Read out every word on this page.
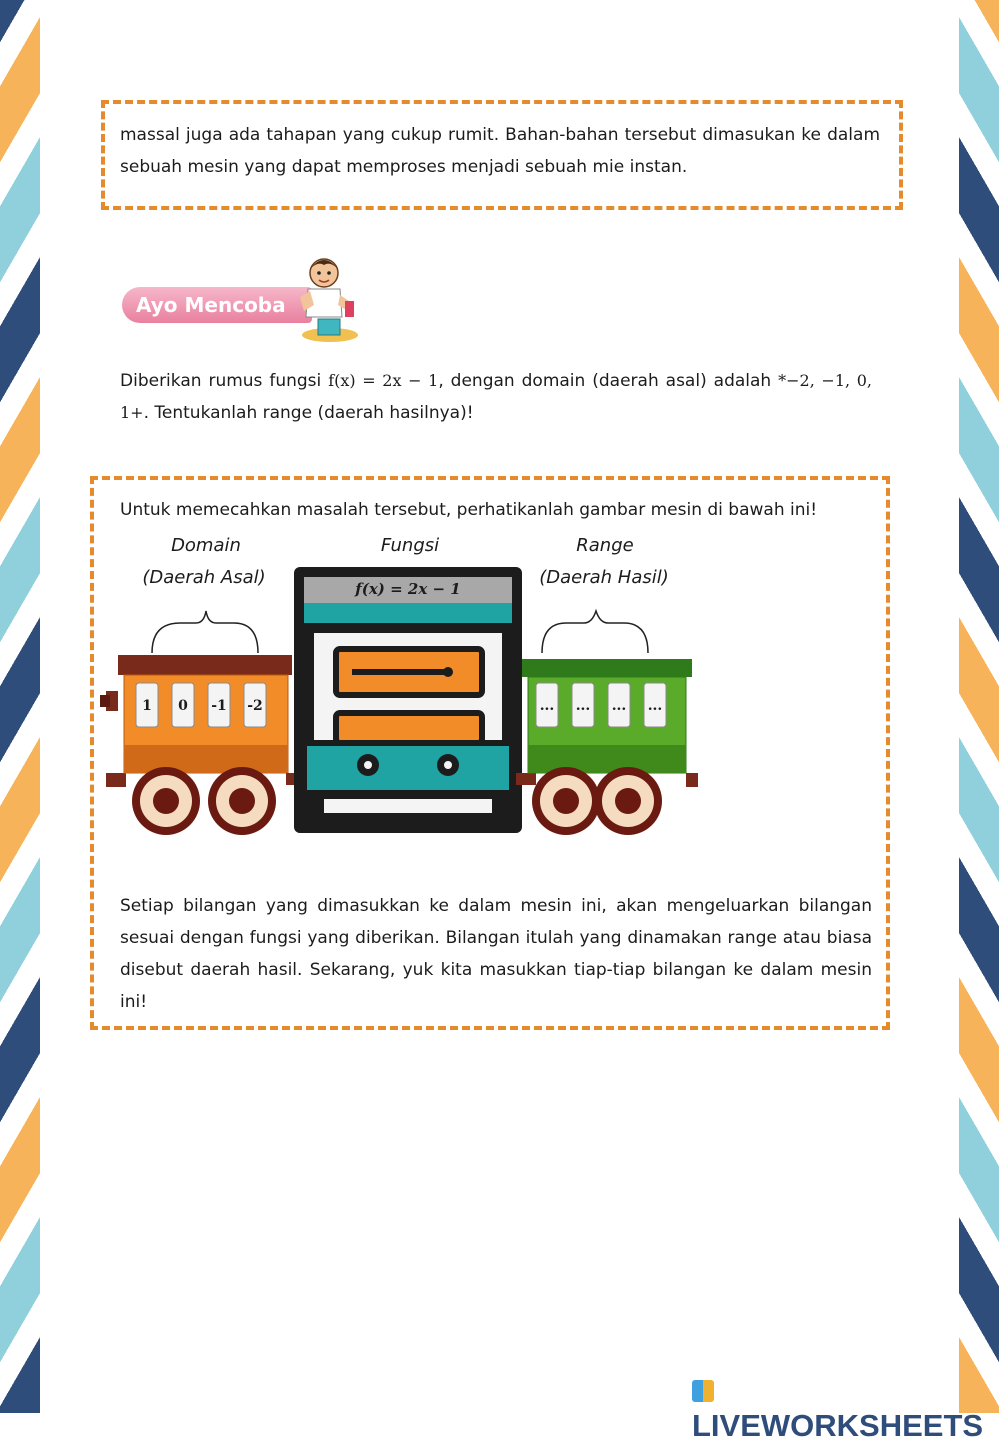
massal juga ada tahapan yang cukup rumit. Bahan-bahan tersebut dimasukan ke dalam sebuah mesin yang dapat memproses menjadi sebuah mie instan.

Ayo Mencoba

Diberikan rumus fungsi f(x) = 2x − 1, dengan domain (daerah asal) adalah *−2, −1, 0, 1+. Tentukanlah range (daerah hasilnya)!

Untuk memecahkan masalah tersebut, perhatikanlah gambar mesin di bawah ini!

Domain
(Daerah Asal)
Fungsi	Range
(Daerah Hasil)
1 0 -1 -2
f(x) = 2x − 1
... ... ... ...

Setiap bilangan yang dimasukkan ke dalam mesin ini, akan mengeluarkan bilangan sesuai dengan fungsi yang diberikan. Bilangan itulah yang dinamakan range atau biasa disebut daerah hasil. Sekarang, yuk kita masukkan tiap-tiap bilangan ke dalam mesin ini!

LIVEWORKSHEETS
